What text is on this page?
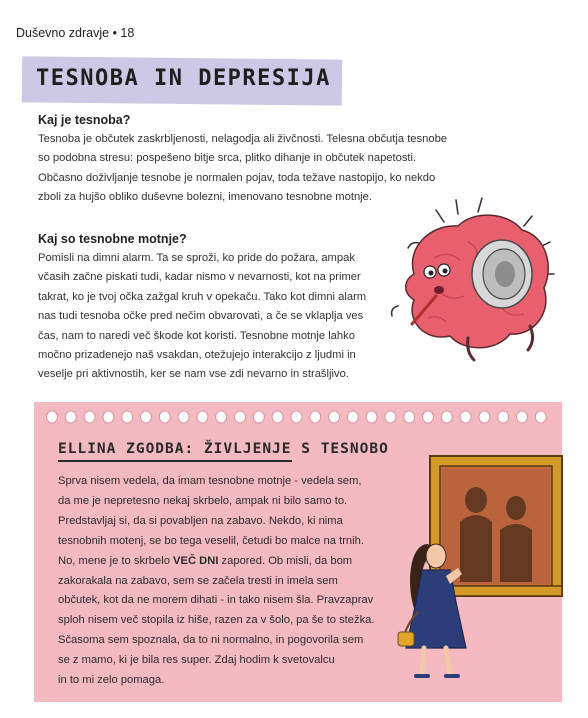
Duševno zdravje • 18
TESNOBA IN DEPRESIJA
Kaj je tesnoba?
Tesnoba je občutek zaskrbljenosti, nelagodja ali živčnosti. Telesna občutja tesnobe
so podobna stresu: pospešeno bitje srca, plitko dihanje in občutek napetosti.
Občasno doživljanje tesnobe je normalen pojav, toda težave nastopijo, ko nekdo
zboli za hujšo obliko duševne bolezni, imenovano tesnobne motnje.
Kaj so tesnobne motnje?
Pomisli na dimni alarm. Ta se sproži, ko pride do požara, ampak
včasih začne piskati tudi, kadar nismo v nevarnosti, kot na primer
takrat, ko je tvoj očka zažgal kruh v opekaču. Tako kot dimni alarm
nas tudi tesnoba očke pred nečim obvarovati, a če se vklaplja ves
čas, nam to naredi več škode kot koristi. Tesnobne motnje lahko
močno prizadenejo naš vsakdan, otežujejo interakcijo z ljudmi in
veselje pri aktivnostih, ker se nam vse zdi nevarno in strašljivo.
ELLINA ZGODBA: ŽIVLJENJE S TESNOBO
Sprva nisem vedela, da imam tesnobne motnje - vedela sem,
da me je nepretesno nekaj skrbelo, ampak ni bilo samo to.
Predstavljaj si, da si povabljen na zabavo. Nekdo, ki nima
tesnobnih motenj, se bo tega veselil, četudi bo malce na trnih.
No, mene je to skrbelo VEČ DNI zapored. Ob misli, da bom
zakorakala na zabavo, sem se začela tresti in imela sem
občutek, kot da ne morem dihati - in tako nisem šla. Pravzaprav
sploh nisem več stopila iz hiše, razen za v šolo, pa še to stežka.
Sčasoma sem spoznala, da to ni normalno, in pogovorila sem
se z mamo, ki je bila res super. Zdaj hodim k svetovalcu
in to mi zelo pomaga.
